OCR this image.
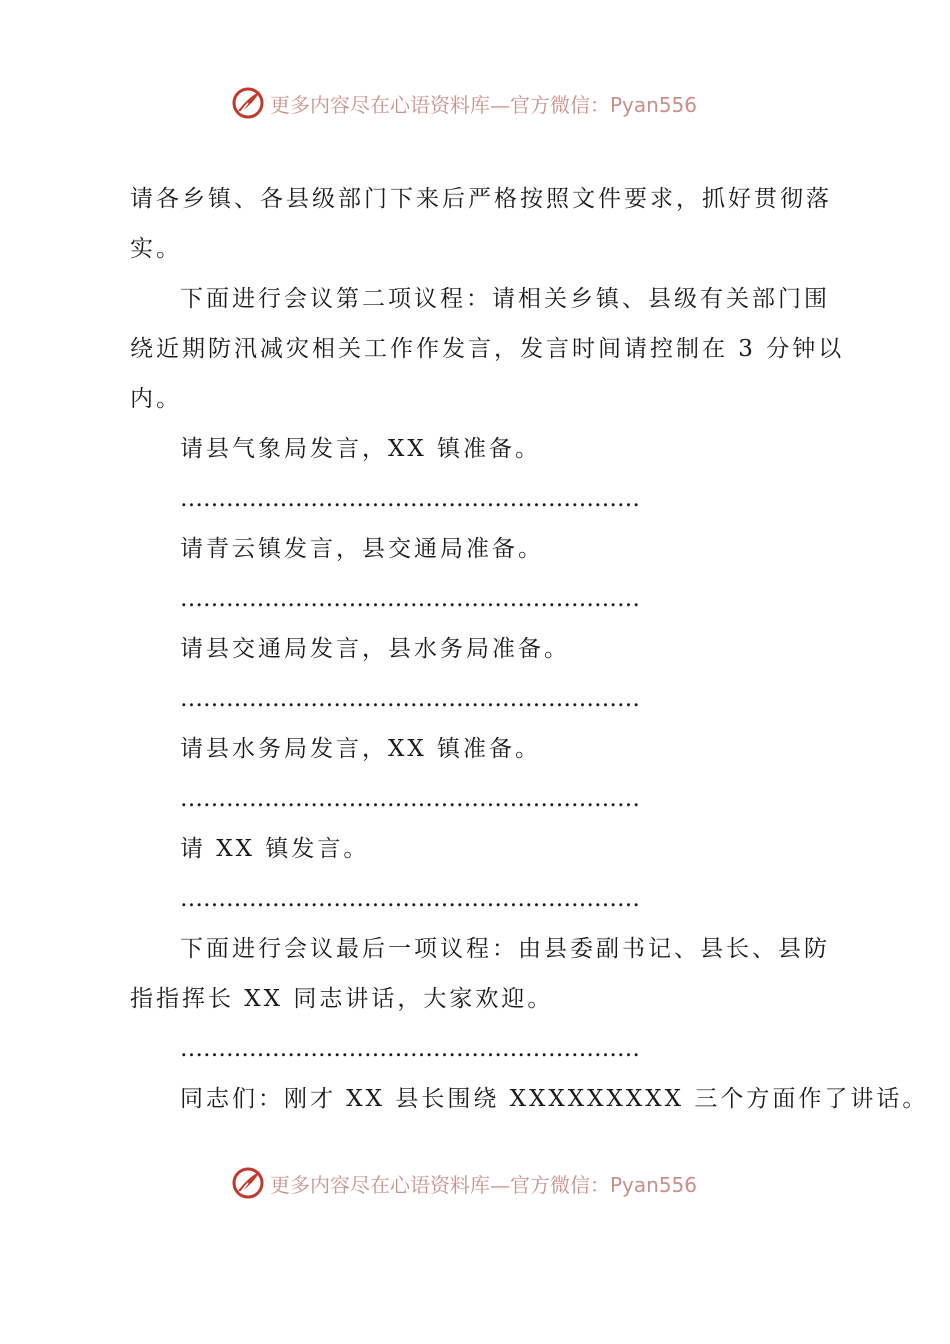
更多内容尽在心语资料库—官方微信：Pyan556
请各乡镇、各县级部门下来后严格按照文件要求，抓好贯彻落
实。
下面进行会议第二项议程：请相关乡镇、县级有关部门围
绕近期防汛减灾相关工作作发言，发言时间请控制在 3 分钟以
内。
请县气象局发言，XX 镇准备。
……………………………………………………
请青云镇发言，县交通局准备。
……………………………………………………
请县交通局发言，县水务局准备。
……………………………………………………
请县水务局发言，XX 镇准备。
……………………………………………………
请 XX 镇发言。
……………………………………………………
下面进行会议最后一项议程：由县委副书记、县长、县防
指指挥长 XX 同志讲话，大家欢迎。
……………………………………………………
同志们：刚才 XX 县长围绕 XXXXXXXXX 三个方面作了讲话。
更多内容尽在心语资料库—官方微信：Pyan556
